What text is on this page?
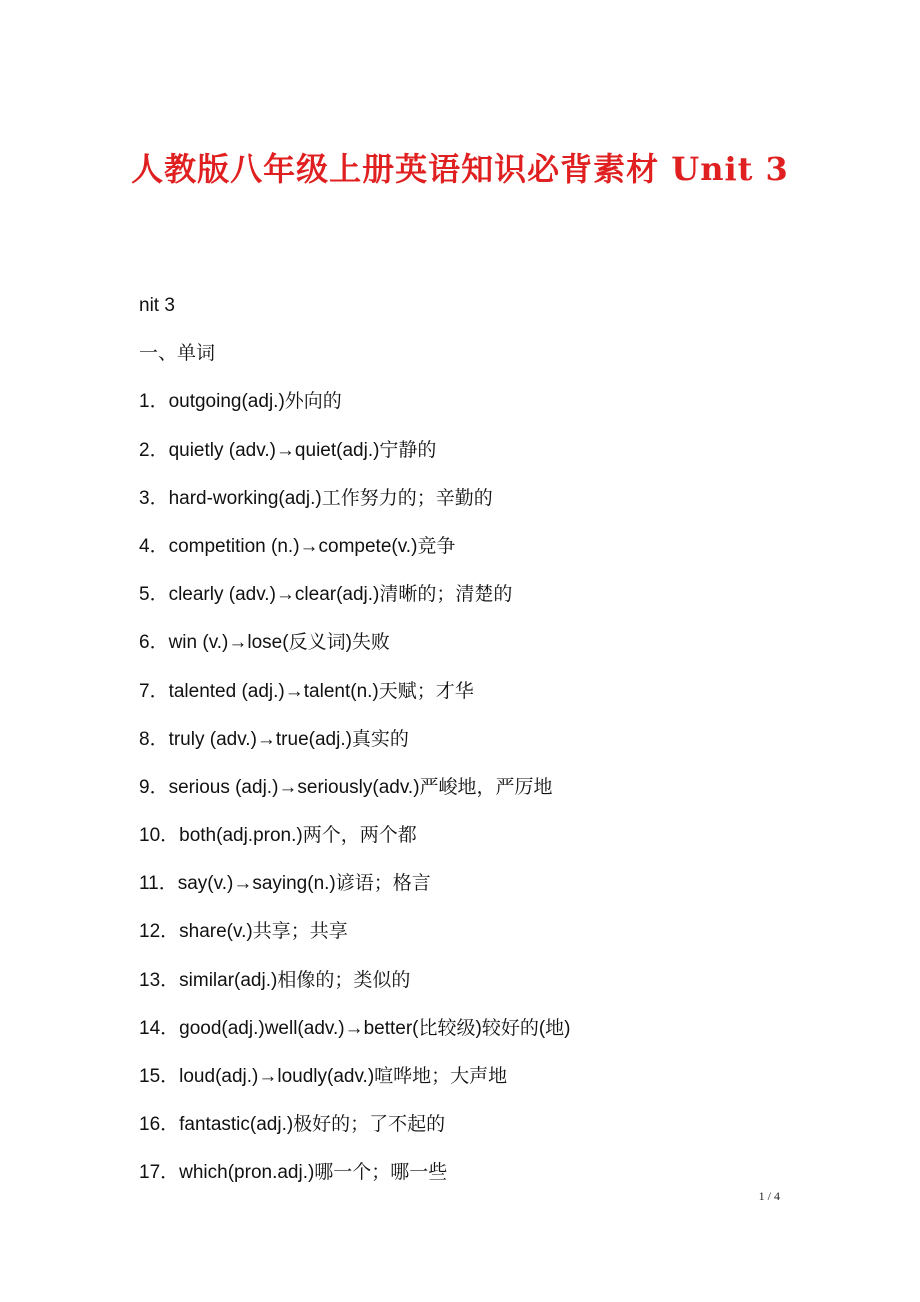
人教版八年级上册英语知识必背素材 Unit 3
nit 3
一、单词
1．outgoing(adj.)外向的
2．quietly (adv.)→quiet(adj.)宁静的
3．hard-working(adj.)工作努力的；辛勤的
4．competition (n.)→compete(v.)竞争
5．clearly (adv.)→clear(adj.)清晰的；清楚的
6．win (v.)→lose(反义词)失败
7．talented (adj.)→talent(n.)天赋；才华
8．truly (adv.)→true(adj.)真实的
9．serious (adj.)→seriously(adv.)严峻地，严厉地
10．both(adj.pron.)两个，两个都
11．say(v.)→saying(n.)谚语；格言
12．share(v.)共享；共享
13．similar(adj.)相像的；类似的
14．good(adj.)well(adv.)→better(比较级)较好的(地)
15．loud(adj.)→loudly(adv.)喧哗地；大声地
16．fantastic(adj.)极好的；了不起的
17．which(pron.adj.)哪一个；哪一些
1 / 4
